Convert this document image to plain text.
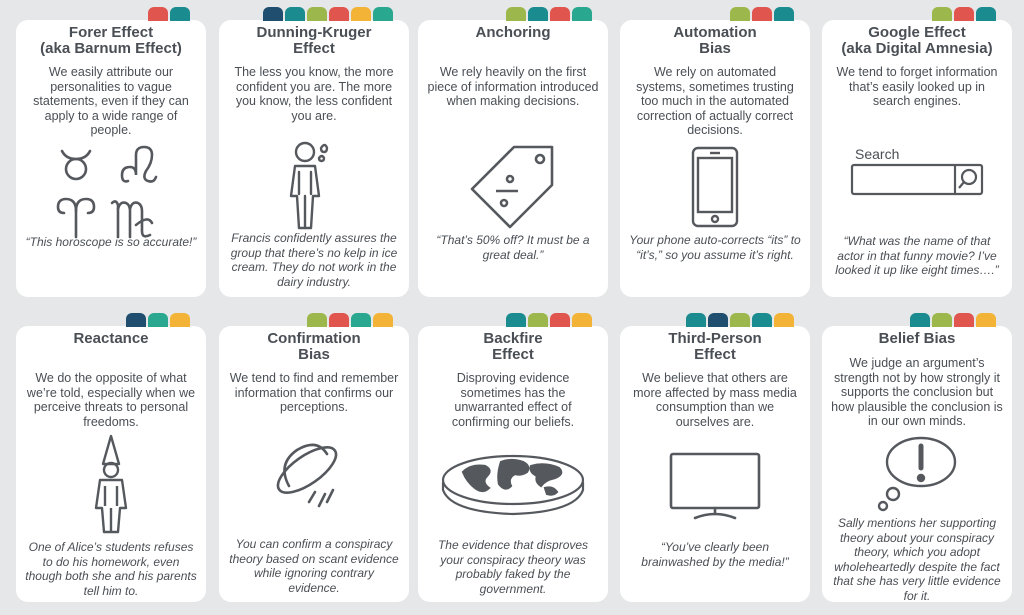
Forer Effect
(aka Barnum Effect)
We easily attribute our personalities to vague statements, even if they can apply to a wide range of people.
“This horoscope is so accurate!”
Dunning-Kruger
Effect
The less you know, the more confident you are. The more you know, the less confident you are.
Francis confidently assures the group that there’s no kelp in ice cream. They do not work in the dairy industry.
Anchoring
We rely heavily on the first piece of information introduced when making decisions.
“That’s 50% off? It must be a great deal.”
Automation
Bias
We rely on automated systems, sometimes trusting too much in the automated correction of actually correct decisions.
Your phone auto-corrects “its” to “it’s,” so you assume it’s right.
Google Effect
(aka Digital Amnesia)
We tend to forget information that’s easily looked up in search engines.
Search
“What was the name of that actor in that funny movie? I’ve looked it up like eight times….”
Reactance
We do the opposite of what we’re told, especially when we perceive threats to personal freedoms.
One of Alice’s students refuses to do his homework, even though both she and his parents tell him to.
Confirmation
Bias
We tend to find and remember information that confirms our perceptions.
You can confirm a conspiracy theory based on scant evidence while ignoring contrary evidence.
Backfire
Effect
Disproving evidence sometimes has the unwarranted effect of confirming our beliefs.
The evidence that disproves your conspiracy theory was probably faked by the government.
Third-Person
Effect
We believe that others are more affected by mass media consumption than we ourselves are.
“You’ve clearly been brainwashed by the media!”
Belief Bias
We judge an argument’s strength not by how strongly it supports the conclusion but how plausible the conclusion is in our own minds.
Sally mentions her supporting theory about your conspiracy theory, which you adopt wholeheartedly despite the fact that she has very little evidence for it.
